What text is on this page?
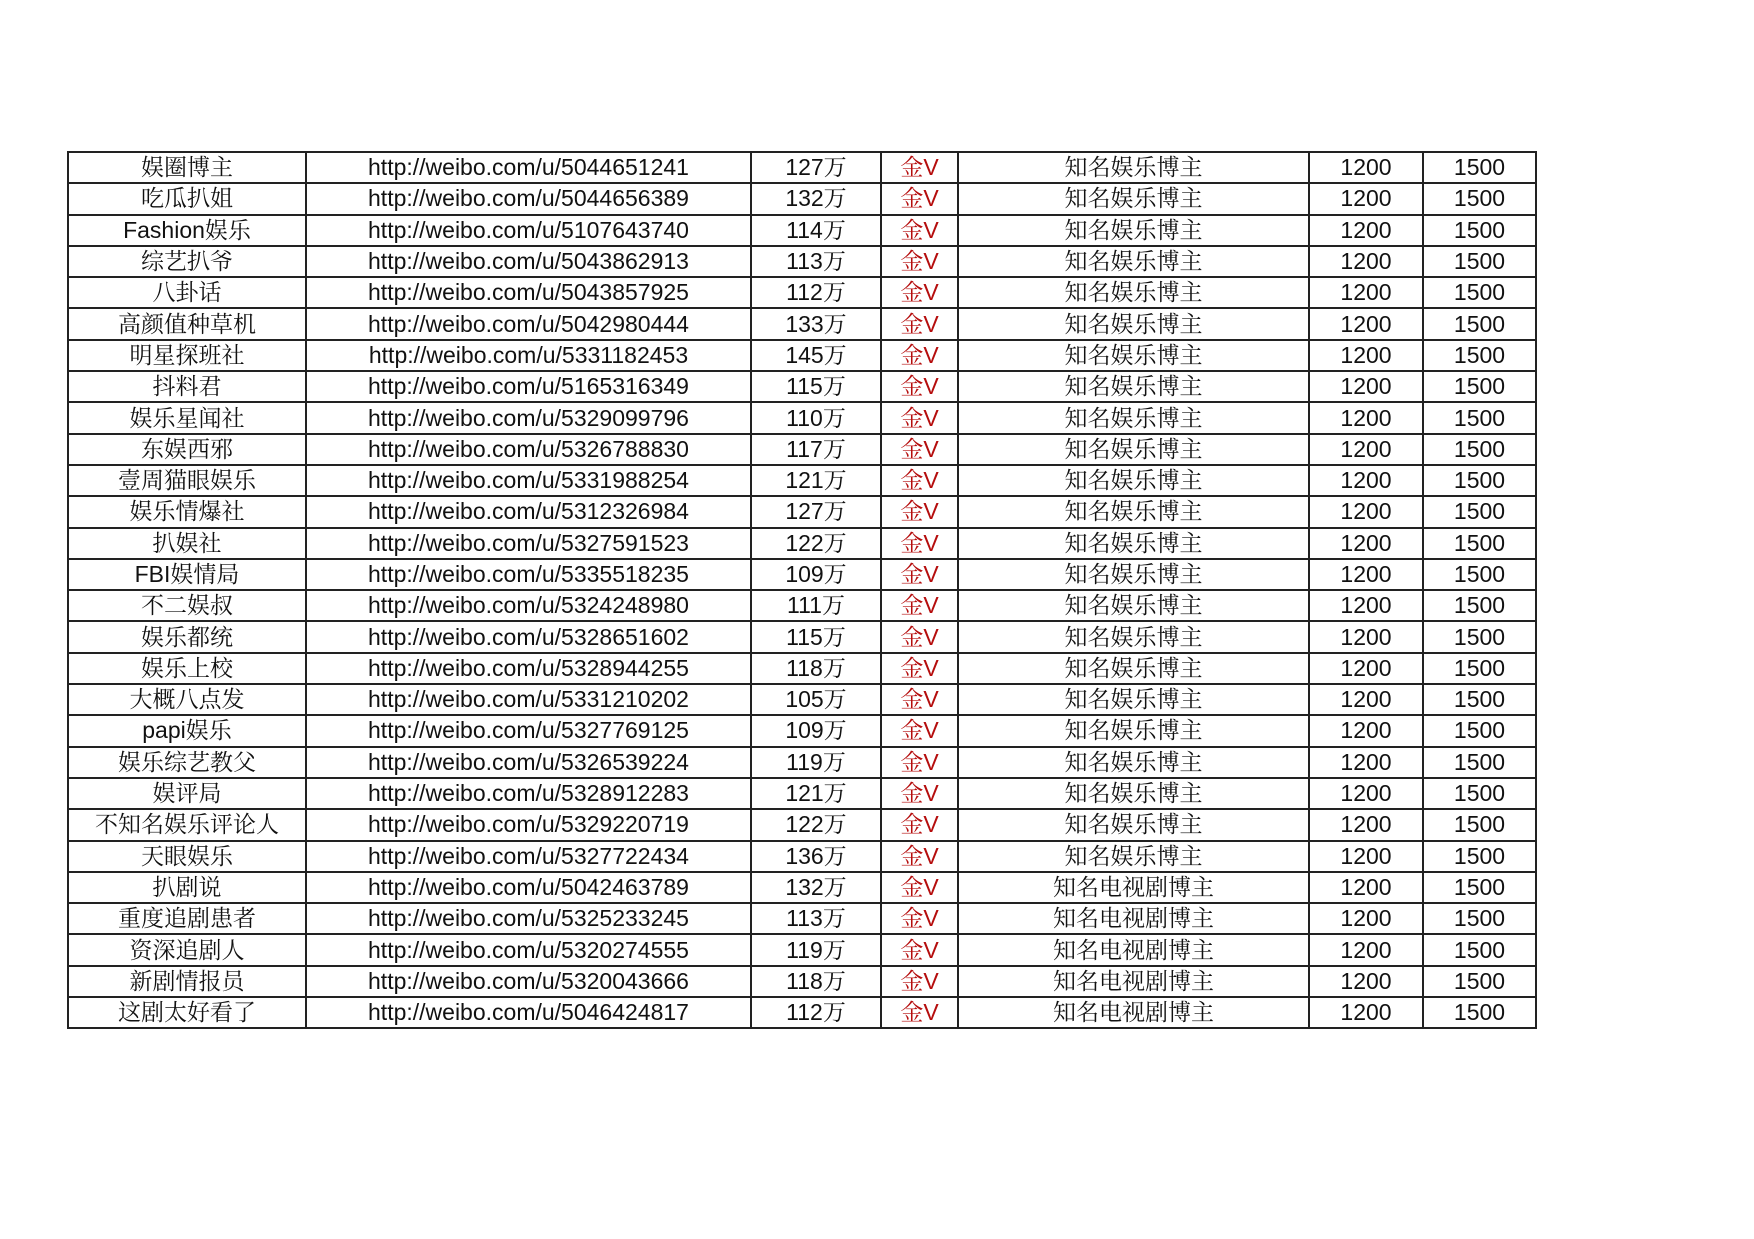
娱圈博主	http://weibo.com/u/5044651241	127万	金V	知名娱乐博主	1200	1500
吃瓜扒姐	http://weibo.com/u/5044656389	132万	金V	知名娱乐博主	1200	1500
Fashion娱乐	http://weibo.com/u/5107643740	114万	金V	知名娱乐博主	1200	1500
综艺扒爷	http://weibo.com/u/5043862913	113万	金V	知名娱乐博主	1200	1500
八卦话	http://weibo.com/u/5043857925	112万	金V	知名娱乐博主	1200	1500
高颜值种草机	http://weibo.com/u/5042980444	133万	金V	知名娱乐博主	1200	1500
明星探班社	http://weibo.com/u/5331182453	145万	金V	知名娱乐博主	1200	1500
抖料君	http://weibo.com/u/5165316349	115万	金V	知名娱乐博主	1200	1500
娱乐星闻社	http://weibo.com/u/5329099796	110万	金V	知名娱乐博主	1200	1500
东娱西邪	http://weibo.com/u/5326788830	117万	金V	知名娱乐博主	1200	1500
壹周猫眼娱乐	http://weibo.com/u/5331988254	121万	金V	知名娱乐博主	1200	1500
娱乐情爆社	http://weibo.com/u/5312326984	127万	金V	知名娱乐博主	1200	1500
扒娱社	http://weibo.com/u/5327591523	122万	金V	知名娱乐博主	1200	1500
FBI娱情局	http://weibo.com/u/5335518235	109万	金V	知名娱乐博主	1200	1500
不二娱叔	http://weibo.com/u/5324248980	111万	金V	知名娱乐博主	1200	1500
娱乐都统	http://weibo.com/u/5328651602	115万	金V	知名娱乐博主	1200	1500
娱乐上校	http://weibo.com/u/5328944255	118万	金V	知名娱乐博主	1200	1500
大概八点发	http://weibo.com/u/5331210202	105万	金V	知名娱乐博主	1200	1500
papi娱乐	http://weibo.com/u/5327769125	109万	金V	知名娱乐博主	1200	1500
娱乐综艺教父	http://weibo.com/u/5326539224	119万	金V	知名娱乐博主	1200	1500
娱评局	http://weibo.com/u/5328912283	121万	金V	知名娱乐博主	1200	1500
不知名娱乐评论人	http://weibo.com/u/5329220719	122万	金V	知名娱乐博主	1200	1500
天眼娱乐	http://weibo.com/u/5327722434	136万	金V	知名娱乐博主	1200	1500
扒剧说	http://weibo.com/u/5042463789	132万	金V	知名电视剧博主	1200	1500
重度追剧患者	http://weibo.com/u/5325233245	113万	金V	知名电视剧博主	1200	1500
资深追剧人	http://weibo.com/u/5320274555	119万	金V	知名电视剧博主	1200	1500
新剧情报员	http://weibo.com/u/5320043666	118万	金V	知名电视剧博主	1200	1500
这剧太好看了	http://weibo.com/u/5046424817	112万	金V	知名电视剧博主	1200	1500
